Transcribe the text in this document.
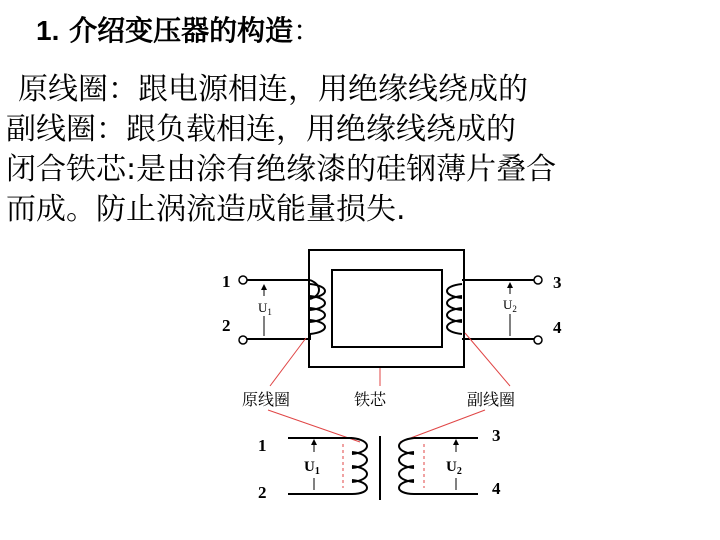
1. 介绍变压器的构造：
原线圈：跟电源相连，用绝缘线绕成的
副线圈：跟负载相连，用绝缘线绕成的
闭合铁芯:是由涂有绝缘漆的硅钢薄片叠合
而成。防止涡流造成能量损失.
1
2
3
4
$U_1$	$U_2$
原线圈	铁芯	副线圈
1
2
3
4
$U_1$	$U_2$
